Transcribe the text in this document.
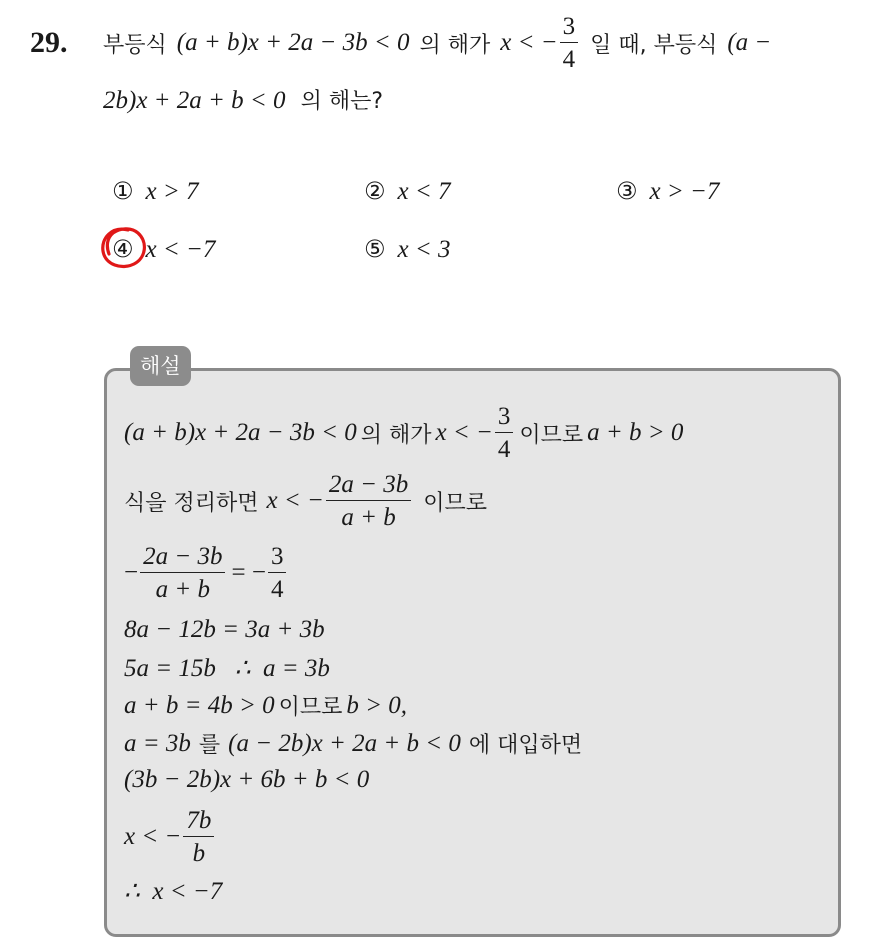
29. 부등식 (a + b)x + 2a − 3b < 0 의 해가 x < − $\frac{3}{4}$ 일 때, 부등식 (a −
2b)x + 2a + b < 0 의 해는?
① x > 7	② x < 7	③ x > −7
④ x < −7	⑤ x < 3
해설
(a + b)x + 2a − 3b < 0 의 해가 x < − $\frac{3}{4}$ 이므로 a + b > 0
식을 정리하면 x < − $\frac{2a - 3b}{a + b}$ 이므로
− $\frac{2a - 3b}{a + b}$ = − $\frac{3}{4}$
8a − 12b = 3a + 3b
5a = 15b   ∴  a = 3b
a + b = 4b > 0 이므로 b > 0,
a = 3b 를 (a − 2b)x + 2a + b < 0 에 대입하면
(3b − 2b)x + 6b + b < 0
x < − $\frac{7b}{b}$
∴  x < −7
